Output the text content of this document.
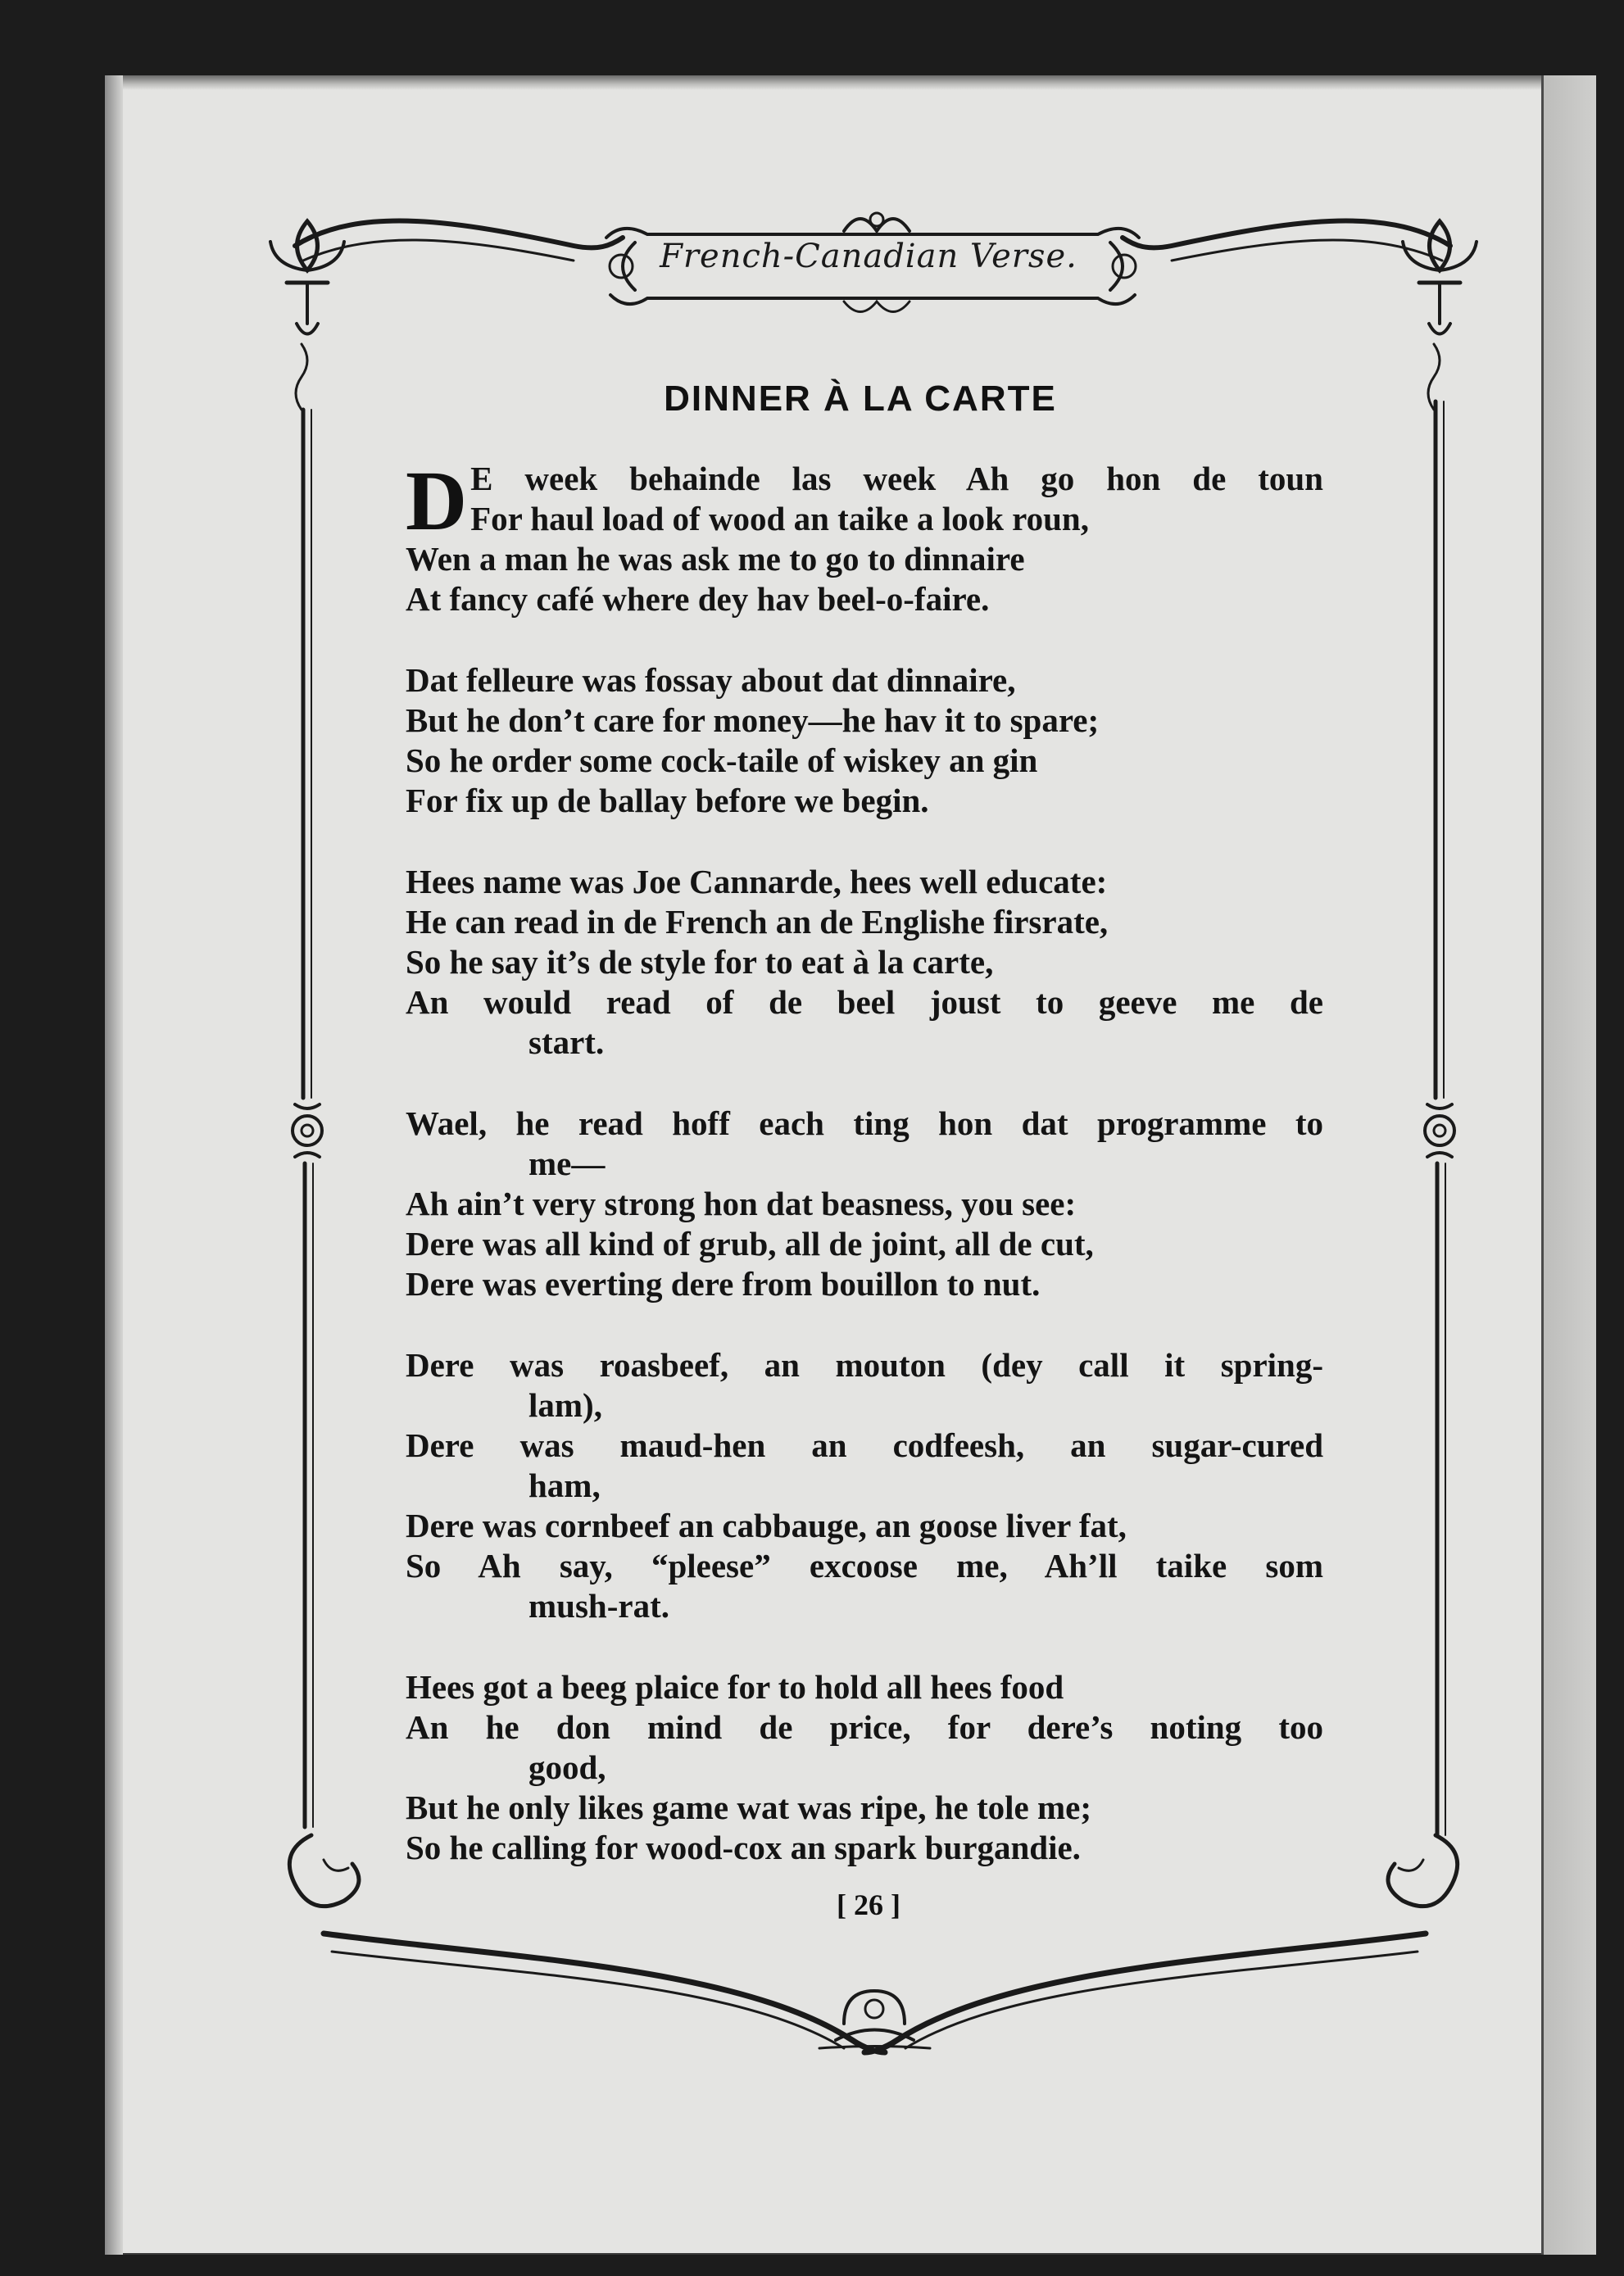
French-Canadian Verse.
DINNER À LA CARTE
D E week behainde las week Ah go hon de toun
For haul load of wood an taike a look roun,
Wen a man he was ask me to go to dinnaire
At fancy café where dey hav beel-o-faire.
Dat felleure was fossay about dat dinnaire,
But he don’t care for money—he hav it to spare;
So he order some cock-taile of wiskey an gin
For fix up de ballay before we begin.
Hees name was Joe Cannarde, hees well educate:
He can read in de French an de Englishe firsrate,
So he say it’s de style for to eat à la carte,
An would read of de beel joust to geeve me de
start.
Wael, he read hoff each ting hon dat programme to
me—
Ah ain’t very strong hon dat beasness, you see:
Dere was all kind of grub, all de joint, all de cut,
Dere was everting dere from bouillon to nut.
Dere was roasbeef, an mouton (dey call it spring-
lam),
Dere was maud-hen an codfeesh, an sugar-cured
ham,
Dere was cornbeef an cabbauge, an goose liver fat,
So Ah say, “pleese” excoose me, Ah’ll taike som
mush-rat.
Hees got a beeg plaice for to hold all hees food
An he don mind de price, for dere’s noting too
good,
But he only likes game wat was ripe, he tole me;
So he calling for wood-cox an spark burgandie.
[ 26 ]
